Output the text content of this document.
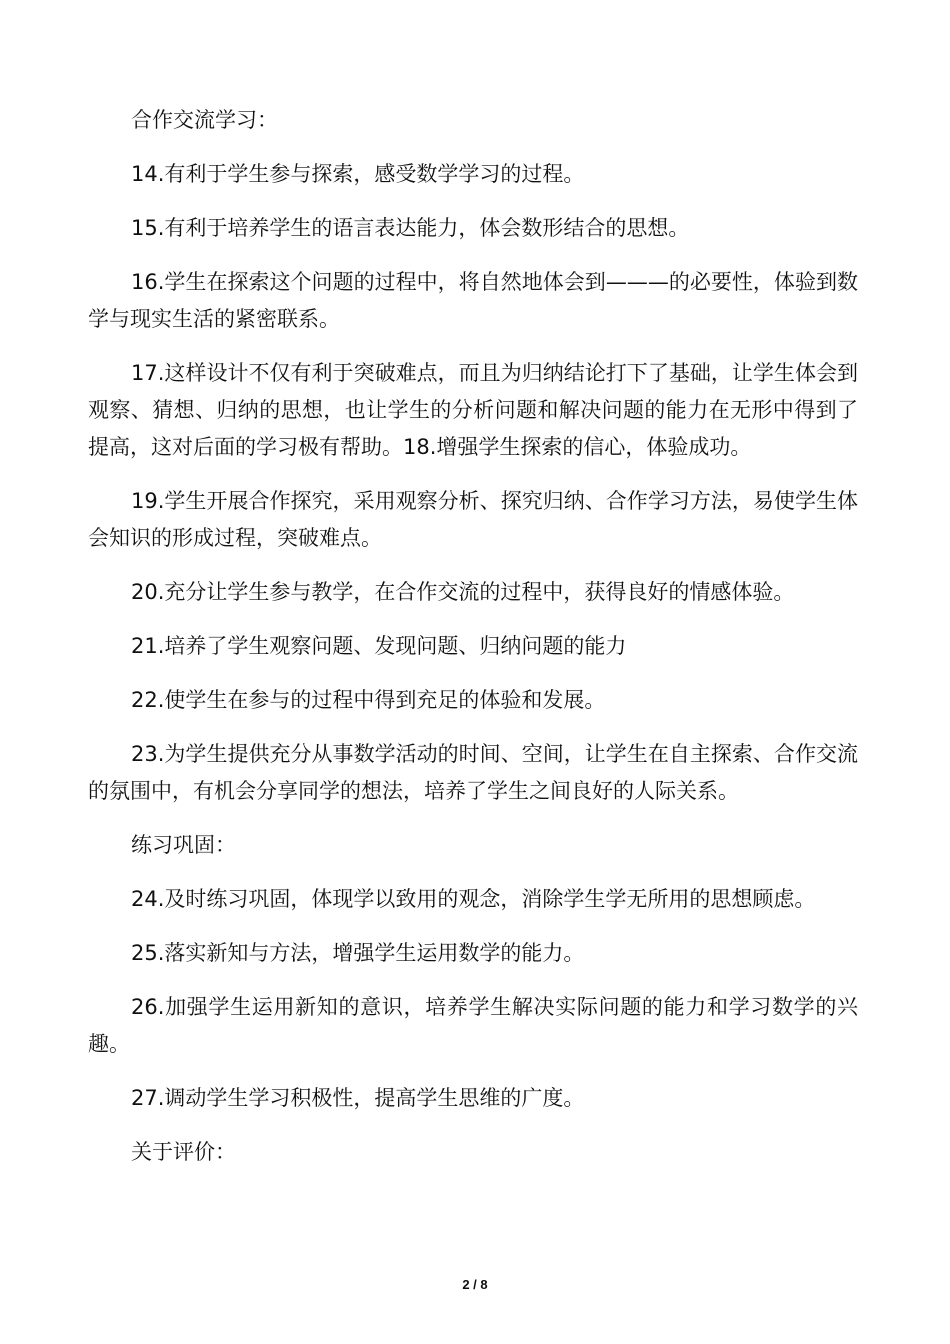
合作交流学习：

14.有利于学生参与探索，感受数学学习的过程。

15.有利于培养学生的语言表达能力，体会数形结合的思想。

16.学生在探索这个问题的过程中，将自然地体会到———的必要性，体验到数学与现实生活的紧密联系。

17.这样设计不仅有利于突破难点，而且为归纳结论打下了基础，让学生体会到观察、猜想、归纳的思想，也让学生的分析问题和解决问题的能力在无形中得到了提高，这对后面的学习极有帮助。18.增强学生探索的信心，体验成功。

19.学生开展合作探究，采用观察分析、探究归纳、合作学习方法，易使学生体会知识的形成过程，突破难点。

20.充分让学生参与教学，在合作交流的过程中，获得良好的情感体验。

21.培养了学生观察问题、发现问题、归纳问题的能力

22.使学生在参与的过程中得到充足的体验和发展。

23.为学生提供充分从事数学活动的时间、空间，让学生在自主探索、合作交流的氛围中，有机会分享同学的想法，培养了学生之间良好的人际关系。

练习巩固：

24.及时练习巩固，体现学以致用的观念，消除学生学无所用的思想顾虑。

25.落实新知与方法，增强学生运用数学的能力。

26.加强学生运用新知的意识，培养学生解决实际问题的能力和学习数学的兴趣。

27.调动学生学习积极性，提高学生思维的广度。

关于评价：

2 / 8
